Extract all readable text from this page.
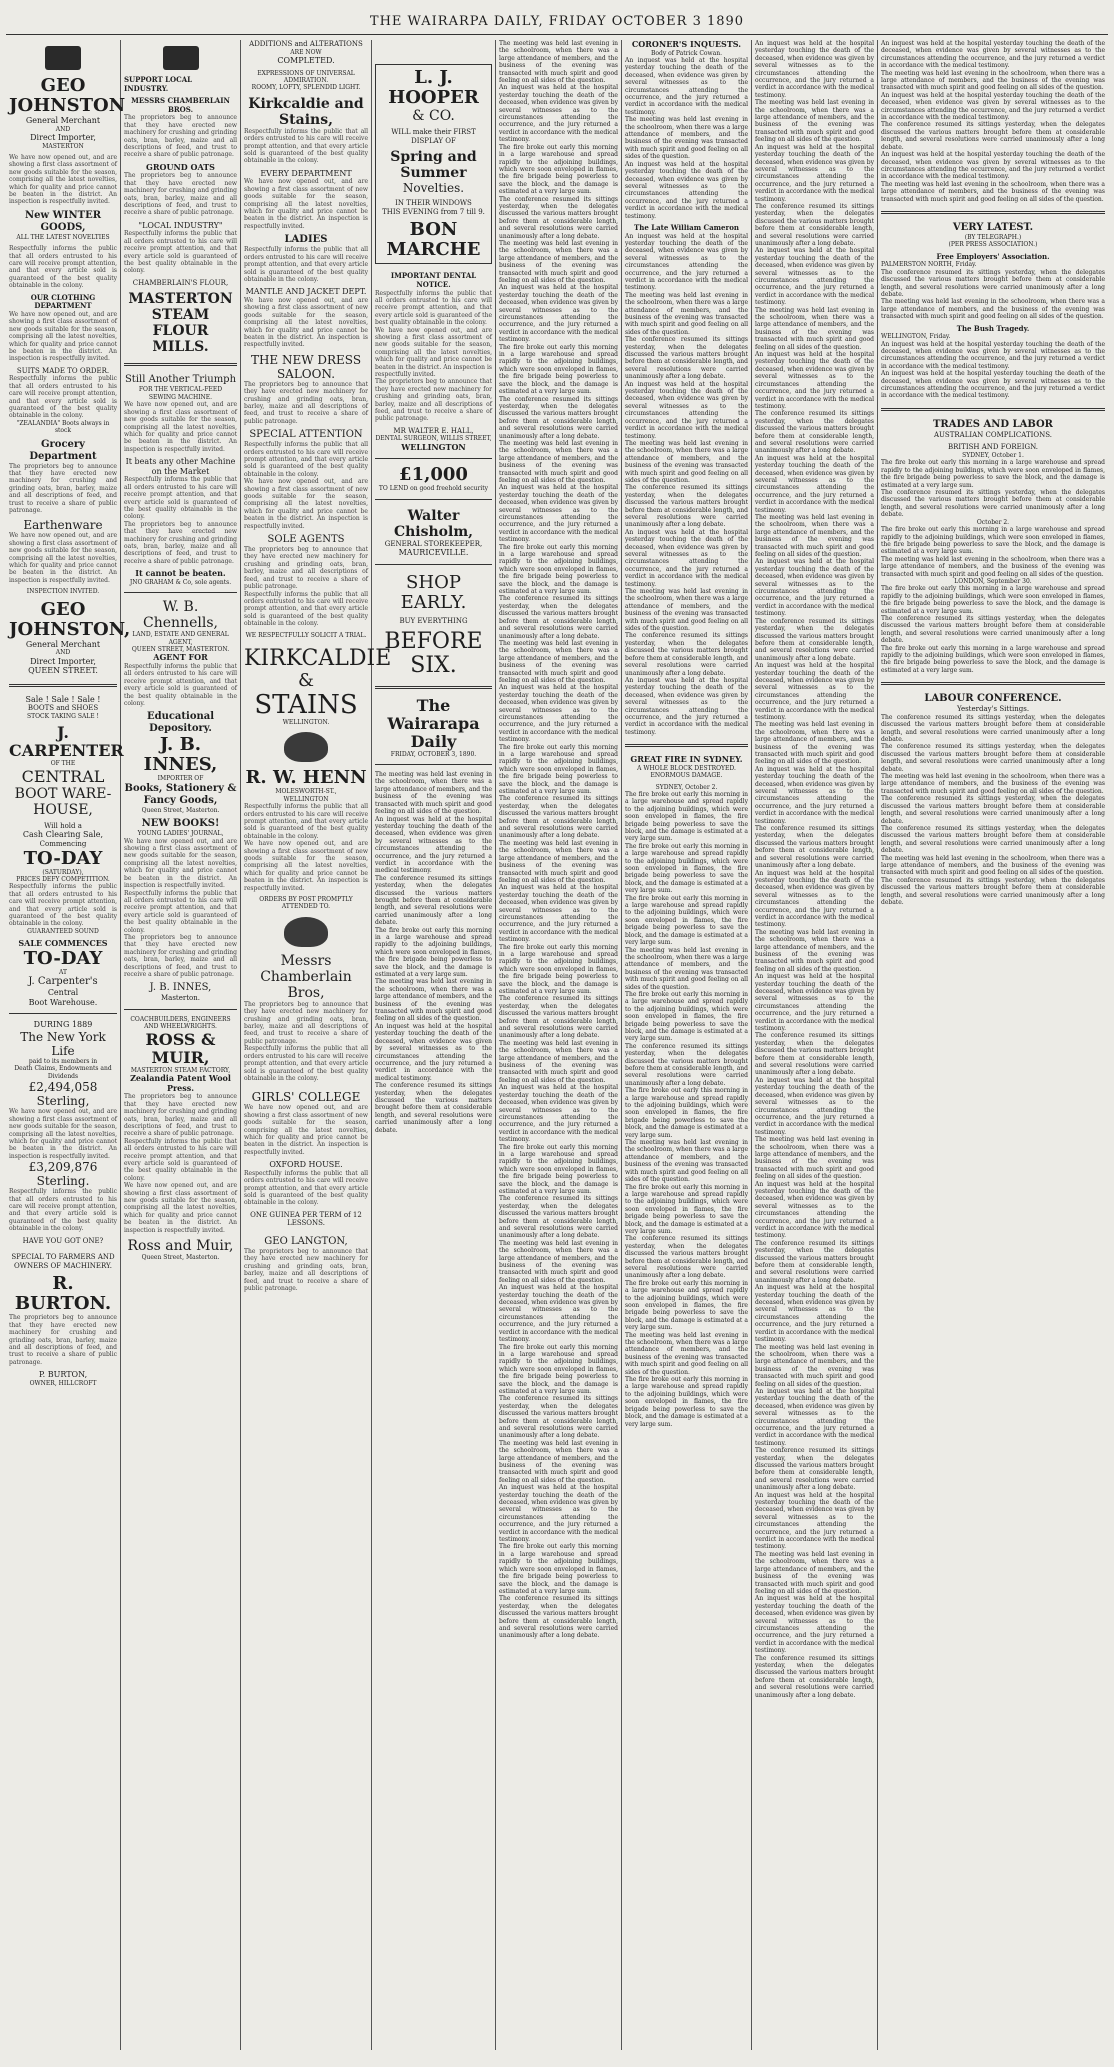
THE WAIRARPA DAILY, FRIDAY OCTOBER 3 1890
GEO JOHNSTON
General Merchant
AND
Direct Importer,
MASTERTON
We have now opened out, and are showing a first class assortment of new goods suitable for the season, comprising all the latest novelties, which for quality and price cannot be beaten in the district. An inspection is respectfully invited.
New WINTER GOODS,
ALL THE LATEST NOVELTIES
Respectfully informs the public that all orders entrusted to his care will receive prompt attention, and that every article sold is guaranteed of the best quality obtainable in the colony.
OUR CLOTHING DEPARTMENT
We have now opened out, and are showing a first class assortment of new goods suitable for the season, comprising all the latest novelties, which for quality and price cannot be beaten in the district. An inspection is respectfully invited.
SUITS MADE TO ORDER.
Respectfully informs the public that all orders entrusted to his care will receive prompt attention, and that every article sold is guaranteed of the best quality obtainable in the colony.
"ZEALANDIA" Boots always in stock
Grocery Department
The proprietors beg to announce that they have erected new machinery for crushing and grinding oats, bran, barley, maize and all descriptions of feed, and trust to receive a share of public patronage.
Earthenware
We have now opened out, and are showing a first class assortment of new goods suitable for the season, comprising all the latest novelties, which for quality and price cannot be beaten in the district. An inspection is respectfully invited.
INSPECTION INVITED.
GEO JOHNSTON,
General Merchant
AND
Direct Importer,
QUEEN STREET.
Sale ! Sale ! Sale !
BOOTS and SHOES
STOCK TAKING SALE !
J. CARPENTER
OF THE
CENTRAL
BOOT WARE-
HOUSE,
Will hold a
Cash Clearing Sale,
Commencing
TO-DAY
(SATURDAY),
PRICES DEFY COMPETITION.
Respectfully informs the public that all orders entrusted to his care will receive prompt attention, and that every article sold is guaranteed of the best quality obtainable in the colony.
GUARANTEED SOUND
SALE COMMENCES
TO-DAY
AT
J. Carpenter's
Central
Boot Warehouse.
DURING 1889
The New York Life
paid to its members in
Death Claims, Endowments and Dividends
£2,494,058 Sterling,
We have now opened out, and are showing a first class assortment of new goods suitable for the season, comprising all the latest novelties, which for quality and price cannot be beaten in the district. An inspection is respectfully invited.
£3,209,876 Sterling.
Respectfully informs the public that all orders entrusted to his care will receive prompt attention, and that every article sold is guaranteed of the best quality obtainable in the colony.
HAVE YOU GOT ONE?
SPECIAL TO FARMERS AND
OWNERS OF MACHINERY.
R. BURTON.
The proprietors beg to announce that they have erected new machinery for crushing and grinding oats, bran, barley, maize and all descriptions of feed, and trust to receive a share of public patronage.
P. BURTON,
OWNER, HILLCROFT
SUPPORT LOCAL INDUSTRY.
MESSRS CHAMBERLAIN BROS.
The proprietors beg to announce that they have erected new machinery for crushing and grinding oats, bran, barley, maize and all descriptions of feed, and trust to receive a share of public patronage.
GROUND OATS
The proprietors beg to announce that they have erected new machinery for crushing and grinding oats, bran, barley, maize and all descriptions of feed, and trust to receive a share of public patronage.
"LOCAL INDUSTRY"
Respectfully informs the public that all orders entrusted to his care will receive prompt attention, and that every article sold is guaranteed of the best quality obtainable in the colony.
CHAMBERLAIN'S FLOUR,
MASTERTON STEAM
FLOUR MILLS.
Still Another Triumph
FOR THE VERTICAL-FEED
SEWING MACHINE.
We have now opened out, and are showing a first class assortment of new goods suitable for the season, comprising all the latest novelties, which for quality and price cannot be beaten in the district. An inspection is respectfully invited.
It beats any other Machine on the Market
Respectfully informs the public that all orders entrusted to his care will receive prompt attention, and that every article sold is guaranteed of the best quality obtainable in the colony.
The proprietors beg to announce that they have erected new machinery for crushing and grinding oats, bran, barley, maize and all descriptions of feed, and trust to receive a share of public patronage.
It cannot be beaten.
JNO GRAHAM & Co, sole agents.
W. B. Chennells,
LAND, ESTATE AND GENERAL AGENT,
QUEEN STREET, MASTERTON.
AGENT FOR
Respectfully informs the public that all orders entrusted to his care will receive prompt attention, and that every article sold is guaranteed of the best quality obtainable in the colony.
Educational Depository.
J. B. INNES,
IMPORTER OF
Books, Stationery & Fancy Goods,
Queen Street, Masterton.
NEW BOOKS!
YOUNG LADIES' JOURNAL,
We have now opened out, and are showing a first class assortment of new goods suitable for the season, comprising all the latest novelties, which for quality and price cannot be beaten in the district. An inspection is respectfully invited.
Respectfully informs the public that all orders entrusted to his care will receive prompt attention, and that every article sold is guaranteed of the best quality obtainable in the colony.
The proprietors beg to announce that they have erected new machinery for crushing and grinding oats, bran, barley, maize and all descriptions of feed, and trust to receive a share of public patronage.
J. B. INNES,
Masterton.
COACHBUILDERS, ENGINEERS AND WHEELWRIGHTS.
ROSS & MUIR,
MASTERTON STEAM FACTORY,
Zealandia Patent Wool Press.
The proprietors beg to announce that they have erected new machinery for crushing and grinding oats, bran, barley, maize and all descriptions of feed, and trust to receive a share of public patronage.
Respectfully informs the public that all orders entrusted to his care will receive prompt attention, and that every article sold is guaranteed of the best quality obtainable in the colony.
We have now opened out, and are showing a first class assortment of new goods suitable for the season, comprising all the latest novelties, which for quality and price cannot be beaten in the district. An inspection is respectfully invited.
Ross and Muir,
Queen Street, Masterton.
ADDITIONS and ALTERATIONS
ARE NOW
COMPLETED.
EXPRESSIONS OF UNIVERSAL ADMIRATION.
ROOMY, LOFTY, SPLENDID LIGHT.
Kirkcaldie and Stains,
Respectfully informs the public that all orders entrusted to his care will receive prompt attention, and that every article sold is guaranteed of the best quality obtainable in the colony.
EVERY DEPARTMENT
We have now opened out, and are showing a first class assortment of new goods suitable for the season, comprising all the latest novelties, which for quality and price cannot be beaten in the district. An inspection is respectfully invited.
LADIES
Respectfully informs the public that all orders entrusted to his care will receive prompt attention, and that every article sold is guaranteed of the best quality obtainable in the colony.
MANTLE AND JACKET DEPT.
We have now opened out, and are showing a first class assortment of new goods suitable for the season, comprising all the latest novelties, which for quality and price cannot be beaten in the district. An inspection is respectfully invited.
THE NEW DRESS SALOON.
The proprietors beg to announce that they have erected new machinery for crushing and grinding oats, bran, barley, maize and all descriptions of feed, and trust to receive a share of public patronage.
SPECIAL ATTENTION
Respectfully informs the public that all orders entrusted to his care will receive prompt attention, and that every article sold is guaranteed of the best quality obtainable in the colony.
We have now opened out, and are showing a first class assortment of new goods suitable for the season, comprising all the latest novelties, which for quality and price cannot be beaten in the district. An inspection is respectfully invited.
SOLE AGENTS
The proprietors beg to announce that they have erected new machinery for crushing and grinding oats, bran, barley, maize and all descriptions of feed, and trust to receive a share of public patronage.
Respectfully informs the public that all orders entrusted to his care will receive prompt attention, and that every article sold is guaranteed of the best quality obtainable in the colony.
WE RESPECTFULLY SOLICIT A TRIAL.
KIRKCALDIE
&
STAINS
WELLINGTON.
R. W. HENN
MOLESWORTH-ST.,
WELLINGTON
Respectfully informs the public that all orders entrusted to his care will receive prompt attention, and that every article sold is guaranteed of the best quality obtainable in the colony.
We have now opened out, and are showing a first class assortment of new goods suitable for the season, comprising all the latest novelties, which for quality and price cannot be beaten in the district. An inspection is respectfully invited.
ORDERS BY POST PROMPTLY ATTENDED TO.
Messrs Chamberlain Bros,
The proprietors beg to announce that they have erected new machinery for crushing and grinding oats, bran, barley, maize and all descriptions of feed, and trust to receive a share of public patronage.
Respectfully informs the public that all orders entrusted to his care will receive prompt attention, and that every article sold is guaranteed of the best quality obtainable in the colony.
GIRLS' COLLEGE
We have now opened out, and are showing a first class assortment of new goods suitable for the season, comprising all the latest novelties, which for quality and price cannot be beaten in the district. An inspection is respectfully invited.
OXFORD HOUSE.
Respectfully informs the public that all orders entrusted to his care will receive prompt attention, and that every article sold is guaranteed of the best quality obtainable in the colony.
ONE GUINEA PER TERM of 12 LESSONS.
GEO LANGTON,
The proprietors beg to announce that they have erected new machinery for crushing and grinding oats, bran, barley, maize and all descriptions of feed, and trust to receive a share of public patronage.
L. J. HOOPER
& CO.
WILL make their FIRST DISPLAY OF
Spring and Summer
Novelties.
IN THEIR WINDOWS
THIS EVENING from 7 till 9.
BON MARCHE
IMPORTANT DENTAL NOTICE.
Respectfully informs the public that all orders entrusted to his care will receive prompt attention, and that every article sold is guaranteed of the best quality obtainable in the colony.
We have now opened out, and are showing a first class assortment of new goods suitable for the season, comprising all the latest novelties, which for quality and price cannot be beaten in the district. An inspection is respectfully invited.
The proprietors beg to announce that they have erected new machinery for crushing and grinding oats, bran, barley, maize and all descriptions of feed, and trust to receive a share of public patronage.
MR WALTER E. HALL,
DENTAL SURGEON, WILLIS STREET,
WELLINGTON
£1,000
TO LEND on good freehold security
Walter Chisholm,
GENERAL STOREKEEPER,
MAURICEVILLE.
SHOP EARLY.
BUY EVERYTHING
BEFORE SIX.
The Wairarapa Daily
FRIDAY, OCTOBER 3, 1890.
The meeting was held last evening in the schoolroom, when there was a large attendance of members, and the business of the evening was transacted with much spirit and good feeling on all sides of the question.
An inquest was held at the hospital yesterday touching the death of the deceased, when evidence was given by several witnesses as to the circumstances attending the occurrence, and the jury returned a verdict in accordance with the medical testimony.
The conference resumed its sittings yesterday, when the delegates discussed the various matters brought before them at considerable length, and several resolutions were carried unanimously after a long debate.
The fire broke out early this morning in a large warehouse and spread rapidly to the adjoining buildings, which were soon enveloped in flames, the fire brigade being powerless to save the block, and the damage is estimated at a very large sum.
The meeting was held last evening in the schoolroom, when there was a large attendance of members, and the business of the evening was transacted with much spirit and good feeling on all sides of the question.
An inquest was held at the hospital yesterday touching the death of the deceased, when evidence was given by several witnesses as to the circumstances attending the occurrence, and the jury returned a verdict in accordance with the medical testimony.
The conference resumed its sittings yesterday, when the delegates discussed the various matters brought before them at considerable length, and several resolutions were carried unanimously after a long debate.
The meeting was held last evening in the schoolroom, when there was a large attendance of members, and the business of the evening was transacted with much spirit and good feeling on all sides of the question.
An inquest was held at the hospital yesterday touching the death of the deceased, when evidence was given by several witnesses as to the circumstances attending the occurrence, and the jury returned a verdict in accordance with the medical testimony.
The fire broke out early this morning in a large warehouse and spread rapidly to the adjoining buildings, which were soon enveloped in flames, the fire brigade being powerless to save the block, and the damage is estimated at a very large sum.
The conference resumed its sittings yesterday, when the delegates discussed the various matters brought before them at considerable length, and several resolutions were carried unanimously after a long debate.
The meeting was held last evening in the schoolroom, when there was a large attendance of members, and the business of the evening was transacted with much spirit and good feeling on all sides of the question.
An inquest was held at the hospital yesterday touching the death of the deceased, when evidence was given by several witnesses as to the circumstances attending the occurrence, and the jury returned a verdict in accordance with the medical testimony.
The fire broke out early this morning in a large warehouse and spread rapidly to the adjoining buildings, which were soon enveloped in flames, the fire brigade being powerless to save the block, and the damage is estimated at a very large sum.
The conference resumed its sittings yesterday, when the delegates discussed the various matters brought before them at considerable length, and several resolutions were carried unanimously after a long debate.
The meeting was held last evening in the schoolroom, when there was a large attendance of members, and the business of the evening was transacted with much spirit and good feeling on all sides of the question.
An inquest was held at the hospital yesterday touching the death of the deceased, when evidence was given by several witnesses as to the circumstances attending the occurrence, and the jury returned a verdict in accordance with the medical testimony.
The fire broke out early this morning in a large warehouse and spread rapidly to the adjoining buildings, which were soon enveloped in flames, the fire brigade being powerless to save the block, and the damage is estimated at a very large sum.
The conference resumed its sittings yesterday, when the delegates discussed the various matters brought before them at considerable length, and several resolutions were carried unanimously after a long debate.
The meeting was held last evening in the schoolroom, when there was a large attendance of members, and the business of the evening was transacted with much spirit and good feeling on all sides of the question.
An inquest was held at the hospital yesterday touching the death of the deceased, when evidence was given by several witnesses as to the circumstances attending the occurrence, and the jury returned a verdict in accordance with the medical testimony.
The fire broke out early this morning in a large warehouse and spread rapidly to the adjoining buildings, which were soon enveloped in flames, the fire brigade being powerless to save the block, and the damage is estimated at a very large sum.
The conference resumed its sittings yesterday, when the delegates discussed the various matters brought before them at considerable length, and several resolutions were carried unanimously after a long debate.
The meeting was held last evening in the schoolroom, when there was a large attendance of members, and the business of the evening was transacted with much spirit and good feeling on all sides of the question.
An inquest was held at the hospital yesterday touching the death of the deceased, when evidence was given by several witnesses as to the circumstances attending the occurrence, and the jury returned a verdict in accordance with the medical testimony.
The fire broke out early this morning in a large warehouse and spread rapidly to the adjoining buildings, which were soon enveloped in flames, the fire brigade being powerless to save the block, and the damage is estimated at a very large sum.
The conference resumed its sittings yesterday, when the delegates discussed the various matters brought before them at considerable length, and several resolutions were carried unanimously after a long debate.
The meeting was held last evening in the schoolroom, when there was a large attendance of members, and the business of the evening was transacted with much spirit and good feeling on all sides of the question.
An inquest was held at the hospital yesterday touching the death of the deceased, when evidence was given by several witnesses as to the circumstances attending the occurrence, and the jury returned a verdict in accordance with the medical testimony.
The fire broke out early this morning in a large warehouse and spread rapidly to the adjoining buildings, which were soon enveloped in flames, the fire brigade being powerless to save the block, and the damage is estimated at a very large sum.
The conference resumed its sittings yesterday, when the delegates discussed the various matters brought before them at considerable length, and several resolutions were carried unanimously after a long debate.
The meeting was held last evening in the schoolroom, when there was a large attendance of members, and the business of the evening was transacted with much spirit and good feeling on all sides of the question.
An inquest was held at the hospital yesterday touching the death of the deceased, when evidence was given by several witnesses as to the circumstances attending the occurrence, and the jury returned a verdict in accordance with the medical testimony.
The fire broke out early this morning in a large warehouse and spread rapidly to the adjoining buildings, which were soon enveloped in flames, the fire brigade being powerless to save the block, and the damage is estimated at a very large sum.
The conference resumed its sittings yesterday, when the delegates discussed the various matters brought before them at considerable length, and several resolutions were carried unanimously after a long debate.
The meeting was held last evening in the schoolroom, when there was a large attendance of members, and the business of the evening was transacted with much spirit and good feeling on all sides of the question.
An inquest was held at the hospital yesterday touching the death of the deceased, when evidence was given by several witnesses as to the circumstances attending the occurrence, and the jury returned a verdict in accordance with the medical testimony.
The fire broke out early this morning in a large warehouse and spread rapidly to the adjoining buildings, which were soon enveloped in flames, the fire brigade being powerless to save the block, and the damage is estimated at a very large sum.
The conference resumed its sittings yesterday, when the delegates discussed the various matters brought before them at considerable length, and several resolutions were carried unanimously after a long debate.
CORONER'S INQUESTS.
Body of Patrick Cowan.
An inquest was held at the hospital yesterday touching the death of the deceased, when evidence was given by several witnesses as to the circumstances attending the occurrence, and the jury returned a verdict in accordance with the medical testimony.
The meeting was held last evening in the schoolroom, when there was a large attendance of members, and the business of the evening was transacted with much spirit and good feeling on all sides of the question.
An inquest was held at the hospital yesterday touching the death of the deceased, when evidence was given by several witnesses as to the circumstances attending the occurrence, and the jury returned a verdict in accordance with the medical testimony.
The Late William Cameron
An inquest was held at the hospital yesterday touching the death of the deceased, when evidence was given by several witnesses as to the circumstances attending the occurrence, and the jury returned a verdict in accordance with the medical testimony.
The meeting was held last evening in the schoolroom, when there was a large attendance of members, and the business of the evening was transacted with much spirit and good feeling on all sides of the question.
The conference resumed its sittings yesterday, when the delegates discussed the various matters brought before them at considerable length, and several resolutions were carried unanimously after a long debate.
An inquest was held at the hospital yesterday touching the death of the deceased, when evidence was given by several witnesses as to the circumstances attending the occurrence, and the jury returned a verdict in accordance with the medical testimony.
The meeting was held last evening in the schoolroom, when there was a large attendance of members, and the business of the evening was transacted with much spirit and good feeling on all sides of the question.
The conference resumed its sittings yesterday, when the delegates discussed the various matters brought before them at considerable length, and several resolutions were carried unanimously after a long debate.
An inquest was held at the hospital yesterday touching the death of the deceased, when evidence was given by several witnesses as to the circumstances attending the occurrence, and the jury returned a verdict in accordance with the medical testimony.
The meeting was held last evening in the schoolroom, when there was a large attendance of members, and the business of the evening was transacted with much spirit and good feeling on all sides of the question.
The conference resumed its sittings yesterday, when the delegates discussed the various matters brought before them at considerable length, and several resolutions were carried unanimously after a long debate.
An inquest was held at the hospital yesterday touching the death of the deceased, when evidence was given by several witnesses as to the circumstances attending the occurrence, and the jury returned a verdict in accordance with the medical testimony.
GREAT FIRE IN SYDNEY.
A WHOLE BLOCK DESTROYED.
ENORMOUS DAMAGE.
SYDNEY, October 2.
The fire broke out early this morning in a large warehouse and spread rapidly to the adjoining buildings, which were soon enveloped in flames, the fire brigade being powerless to save the block, and the damage is estimated at a very large sum.
The fire broke out early this morning in a large warehouse and spread rapidly to the adjoining buildings, which were soon enveloped in flames, the fire brigade being powerless to save the block, and the damage is estimated at a very large sum.
The fire broke out early this morning in a large warehouse and spread rapidly to the adjoining buildings, which were soon enveloped in flames, the fire brigade being powerless to save the block, and the damage is estimated at a very large sum.
The meeting was held last evening in the schoolroom, when there was a large attendance of members, and the business of the evening was transacted with much spirit and good feeling on all sides of the question.
The fire broke out early this morning in a large warehouse and spread rapidly to the adjoining buildings, which were soon enveloped in flames, the fire brigade being powerless to save the block, and the damage is estimated at a very large sum.
The conference resumed its sittings yesterday, when the delegates discussed the various matters brought before them at considerable length, and several resolutions were carried unanimously after a long debate.
The fire broke out early this morning in a large warehouse and spread rapidly to the adjoining buildings, which were soon enveloped in flames, the fire brigade being powerless to save the block, and the damage is estimated at a very large sum.
The meeting was held last evening in the schoolroom, when there was a large attendance of members, and the business of the evening was transacted with much spirit and good feeling on all sides of the question.
The fire broke out early this morning in a large warehouse and spread rapidly to the adjoining buildings, which were soon enveloped in flames, the fire brigade being powerless to save the block, and the damage is estimated at a very large sum.
The conference resumed its sittings yesterday, when the delegates discussed the various matters brought before them at considerable length, and several resolutions were carried unanimously after a long debate.
The fire broke out early this morning in a large warehouse and spread rapidly to the adjoining buildings, which were soon enveloped in flames, the fire brigade being powerless to save the block, and the damage is estimated at a very large sum.
The meeting was held last evening in the schoolroom, when there was a large attendance of members, and the business of the evening was transacted with much spirit and good feeling on all sides of the question.
The fire broke out early this morning in a large warehouse and spread rapidly to the adjoining buildings, which were soon enveloped in flames, the fire brigade being powerless to save the block, and the damage is estimated at a very large sum.
An inquest was held at the hospital yesterday touching the death of the deceased, when evidence was given by several witnesses as to the circumstances attending the occurrence, and the jury returned a verdict in accordance with the medical testimony.
The meeting was held last evening in the schoolroom, when there was a large attendance of members, and the business of the evening was transacted with much spirit and good feeling on all sides of the question.
An inquest was held at the hospital yesterday touching the death of the deceased, when evidence was given by several witnesses as to the circumstances attending the occurrence, and the jury returned a verdict in accordance with the medical testimony.
The conference resumed its sittings yesterday, when the delegates discussed the various matters brought before them at considerable length, and several resolutions were carried unanimously after a long debate.
An inquest was held at the hospital yesterday touching the death of the deceased, when evidence was given by several witnesses as to the circumstances attending the occurrence, and the jury returned a verdict in accordance with the medical testimony.
The meeting was held last evening in the schoolroom, when there was a large attendance of members, and the business of the evening was transacted with much spirit and good feeling on all sides of the question.
An inquest was held at the hospital yesterday touching the death of the deceased, when evidence was given by several witnesses as to the circumstances attending the occurrence, and the jury returned a verdict in accordance with the medical testimony.
The conference resumed its sittings yesterday, when the delegates discussed the various matters brought before them at considerable length, and several resolutions were carried unanimously after a long debate.
An inquest was held at the hospital yesterday touching the death of the deceased, when evidence was given by several witnesses as to the circumstances attending the occurrence, and the jury returned a verdict in accordance with the medical testimony.
The meeting was held last evening in the schoolroom, when there was a large attendance of members, and the business of the evening was transacted with much spirit and good feeling on all sides of the question.
An inquest was held at the hospital yesterday touching the death of the deceased, when evidence was given by several witnesses as to the circumstances attending the occurrence, and the jury returned a verdict in accordance with the medical testimony.
The conference resumed its sittings yesterday, when the delegates discussed the various matters brought before them at considerable length, and several resolutions were carried unanimously after a long debate.
An inquest was held at the hospital yesterday touching the death of the deceased, when evidence was given by several witnesses as to the circumstances attending the occurrence, and the jury returned a verdict in accordance with the medical testimony.
The meeting was held last evening in the schoolroom, when there was a large attendance of members, and the business of the evening was transacted with much spirit and good feeling on all sides of the question.
An inquest was held at the hospital yesterday touching the death of the deceased, when evidence was given by several witnesses as to the circumstances attending the occurrence, and the jury returned a verdict in accordance with the medical testimony.
The conference resumed its sittings yesterday, when the delegates discussed the various matters brought before them at considerable length, and several resolutions were carried unanimously after a long debate.
An inquest was held at the hospital yesterday touching the death of the deceased, when evidence was given by several witnesses as to the circumstances attending the occurrence, and the jury returned a verdict in accordance with the medical testimony.
The meeting was held last evening in the schoolroom, when there was a large attendance of members, and the business of the evening was transacted with much spirit and good feeling on all sides of the question.
An inquest was held at the hospital yesterday touching the death of the deceased, when evidence was given by several witnesses as to the circumstances attending the occurrence, and the jury returned a verdict in accordance with the medical testimony.
The conference resumed its sittings yesterday, when the delegates discussed the various matters brought before them at considerable length, and several resolutions were carried unanimously after a long debate.
An inquest was held at the hospital yesterday touching the death of the deceased, when evidence was given by several witnesses as to the circumstances attending the occurrence, and the jury returned a verdict in accordance with the medical testimony.
The meeting was held last evening in the schoolroom, when there was a large attendance of members, and the business of the evening was transacted with much spirit and good feeling on all sides of the question.
An inquest was held at the hospital yesterday touching the death of the deceased, when evidence was given by several witnesses as to the circumstances attending the occurrence, and the jury returned a verdict in accordance with the medical testimony.
The conference resumed its sittings yesterday, when the delegates discussed the various matters brought before them at considerable length, and several resolutions were carried unanimously after a long debate.
An inquest was held at the hospital yesterday touching the death of the deceased, when evidence was given by several witnesses as to the circumstances attending the occurrence, and the jury returned a verdict in accordance with the medical testimony.
The meeting was held last evening in the schoolroom, when there was a large attendance of members, and the business of the evening was transacted with much spirit and good feeling on all sides of the question.
An inquest was held at the hospital yesterday touching the death of the deceased, when evidence was given by several witnesses as to the circumstances attending the occurrence, and the jury returned a verdict in accordance with the medical testimony.
The conference resumed its sittings yesterday, when the delegates discussed the various matters brought before them at considerable length, and several resolutions were carried unanimously after a long debate.
An inquest was held at the hospital yesterday touching the death of the deceased, when evidence was given by several witnesses as to the circumstances attending the occurrence, and the jury returned a verdict in accordance with the medical testimony.
The meeting was held last evening in the schoolroom, when there was a large attendance of members, and the business of the evening was transacted with much spirit and good feeling on all sides of the question.
An inquest was held at the hospital yesterday touching the death of the deceased, when evidence was given by several witnesses as to the circumstances attending the occurrence, and the jury returned a verdict in accordance with the medical testimony.
The conference resumed its sittings yesterday, when the delegates discussed the various matters brought before them at considerable length, and several resolutions were carried unanimously after a long debate.
An inquest was held at the hospital yesterday touching the death of the deceased, when evidence was given by several witnesses as to the circumstances attending the occurrence, and the jury returned a verdict in accordance with the medical testimony.
The meeting was held last evening in the schoolroom, when there was a large attendance of members, and the business of the evening was transacted with much spirit and good feeling on all sides of the question.
An inquest was held at the hospital yesterday touching the death of the deceased, when evidence was given by several witnesses as to the circumstances attending the occurrence, and the jury returned a verdict in accordance with the medical testimony.
The conference resumed its sittings yesterday, when the delegates discussed the various matters brought before them at considerable length, and several resolutions were carried unanimously after a long debate.
An inquest was held at the hospital yesterday touching the death of the deceased, when evidence was given by several witnesses as to the circumstances attending the occurrence, and the jury returned a verdict in accordance with the medical testimony.
The meeting was held last evening in the schoolroom, when there was a large attendance of members, and the business of the evening was transacted with much spirit and good feeling on all sides of the question.
VERY LATEST.
(BY TELEGRAPH.)
(PER PRESS ASSOCIATION.)
Free Employers' Association.
PALMERSTON NORTH, Friday.
The conference resumed its sittings yesterday, when the delegates discussed the various matters brought before them at considerable length, and several resolutions were carried unanimously after a long debate.
The meeting was held last evening in the schoolroom, when there was a large attendance of members, and the business of the evening was transacted with much spirit and good feeling on all sides of the question.
The Bush Tragedy.
WELLINGTON, Friday.
An inquest was held at the hospital yesterday touching the death of the deceased, when evidence was given by several witnesses as to the circumstances attending the occurrence, and the jury returned a verdict in accordance with the medical testimony.
An inquest was held at the hospital yesterday touching the death of the deceased, when evidence was given by several witnesses as to the circumstances attending the occurrence, and the jury returned a verdict in accordance with the medical testimony.
TRADES AND LABOR
AUSTRALIAN COMPLICATIONS.
BRITISH AND FOREIGN.
SYDNEY, October 1.
The fire broke out early this morning in a large warehouse and spread rapidly to the adjoining buildings, which were soon enveloped in flames, the fire brigade being powerless to save the block, and the damage is estimated at a very large sum.
The conference resumed its sittings yesterday, when the delegates discussed the various matters brought before them at considerable length, and several resolutions were carried unanimously after a long debate.
October 2.
The fire broke out early this morning in a large warehouse and spread rapidly to the adjoining buildings, which were soon enveloped in flames, the fire brigade being powerless to save the block, and the damage is estimated at a very large sum.
The meeting was held last evening in the schoolroom, when there was a large attendance of members, and the business of the evening was transacted with much spirit and good feeling on all sides of the question.
LONDON, September 30.
The fire broke out early this morning in a large warehouse and spread rapidly to the adjoining buildings, which were soon enveloped in flames, the fire brigade being powerless to save the block, and the damage is estimated at a very large sum.
The conference resumed its sittings yesterday, when the delegates discussed the various matters brought before them at considerable length, and several resolutions were carried unanimously after a long debate.
The fire broke out early this morning in a large warehouse and spread rapidly to the adjoining buildings, which were soon enveloped in flames, the fire brigade being powerless to save the block, and the damage is estimated at a very large sum.
LABOUR CONFERENCE.
Yesterday's Sittings.
The conference resumed its sittings yesterday, when the delegates discussed the various matters brought before them at considerable length, and several resolutions were carried unanimously after a long debate.
The conference resumed its sittings yesterday, when the delegates discussed the various matters brought before them at considerable length, and several resolutions were carried unanimously after a long debate.
The meeting was held last evening in the schoolroom, when there was a large attendance of members, and the business of the evening was transacted with much spirit and good feeling on all sides of the question.
The conference resumed its sittings yesterday, when the delegates discussed the various matters brought before them at considerable length, and several resolutions were carried unanimously after a long debate.
The conference resumed its sittings yesterday, when the delegates discussed the various matters brought before them at considerable length, and several resolutions were carried unanimously after a long debate.
The meeting was held last evening in the schoolroom, when there was a large attendance of members, and the business of the evening was transacted with much spirit and good feeling on all sides of the question.
The conference resumed its sittings yesterday, when the delegates discussed the various matters brought before them at considerable length, and several resolutions were carried unanimously after a long debate.
